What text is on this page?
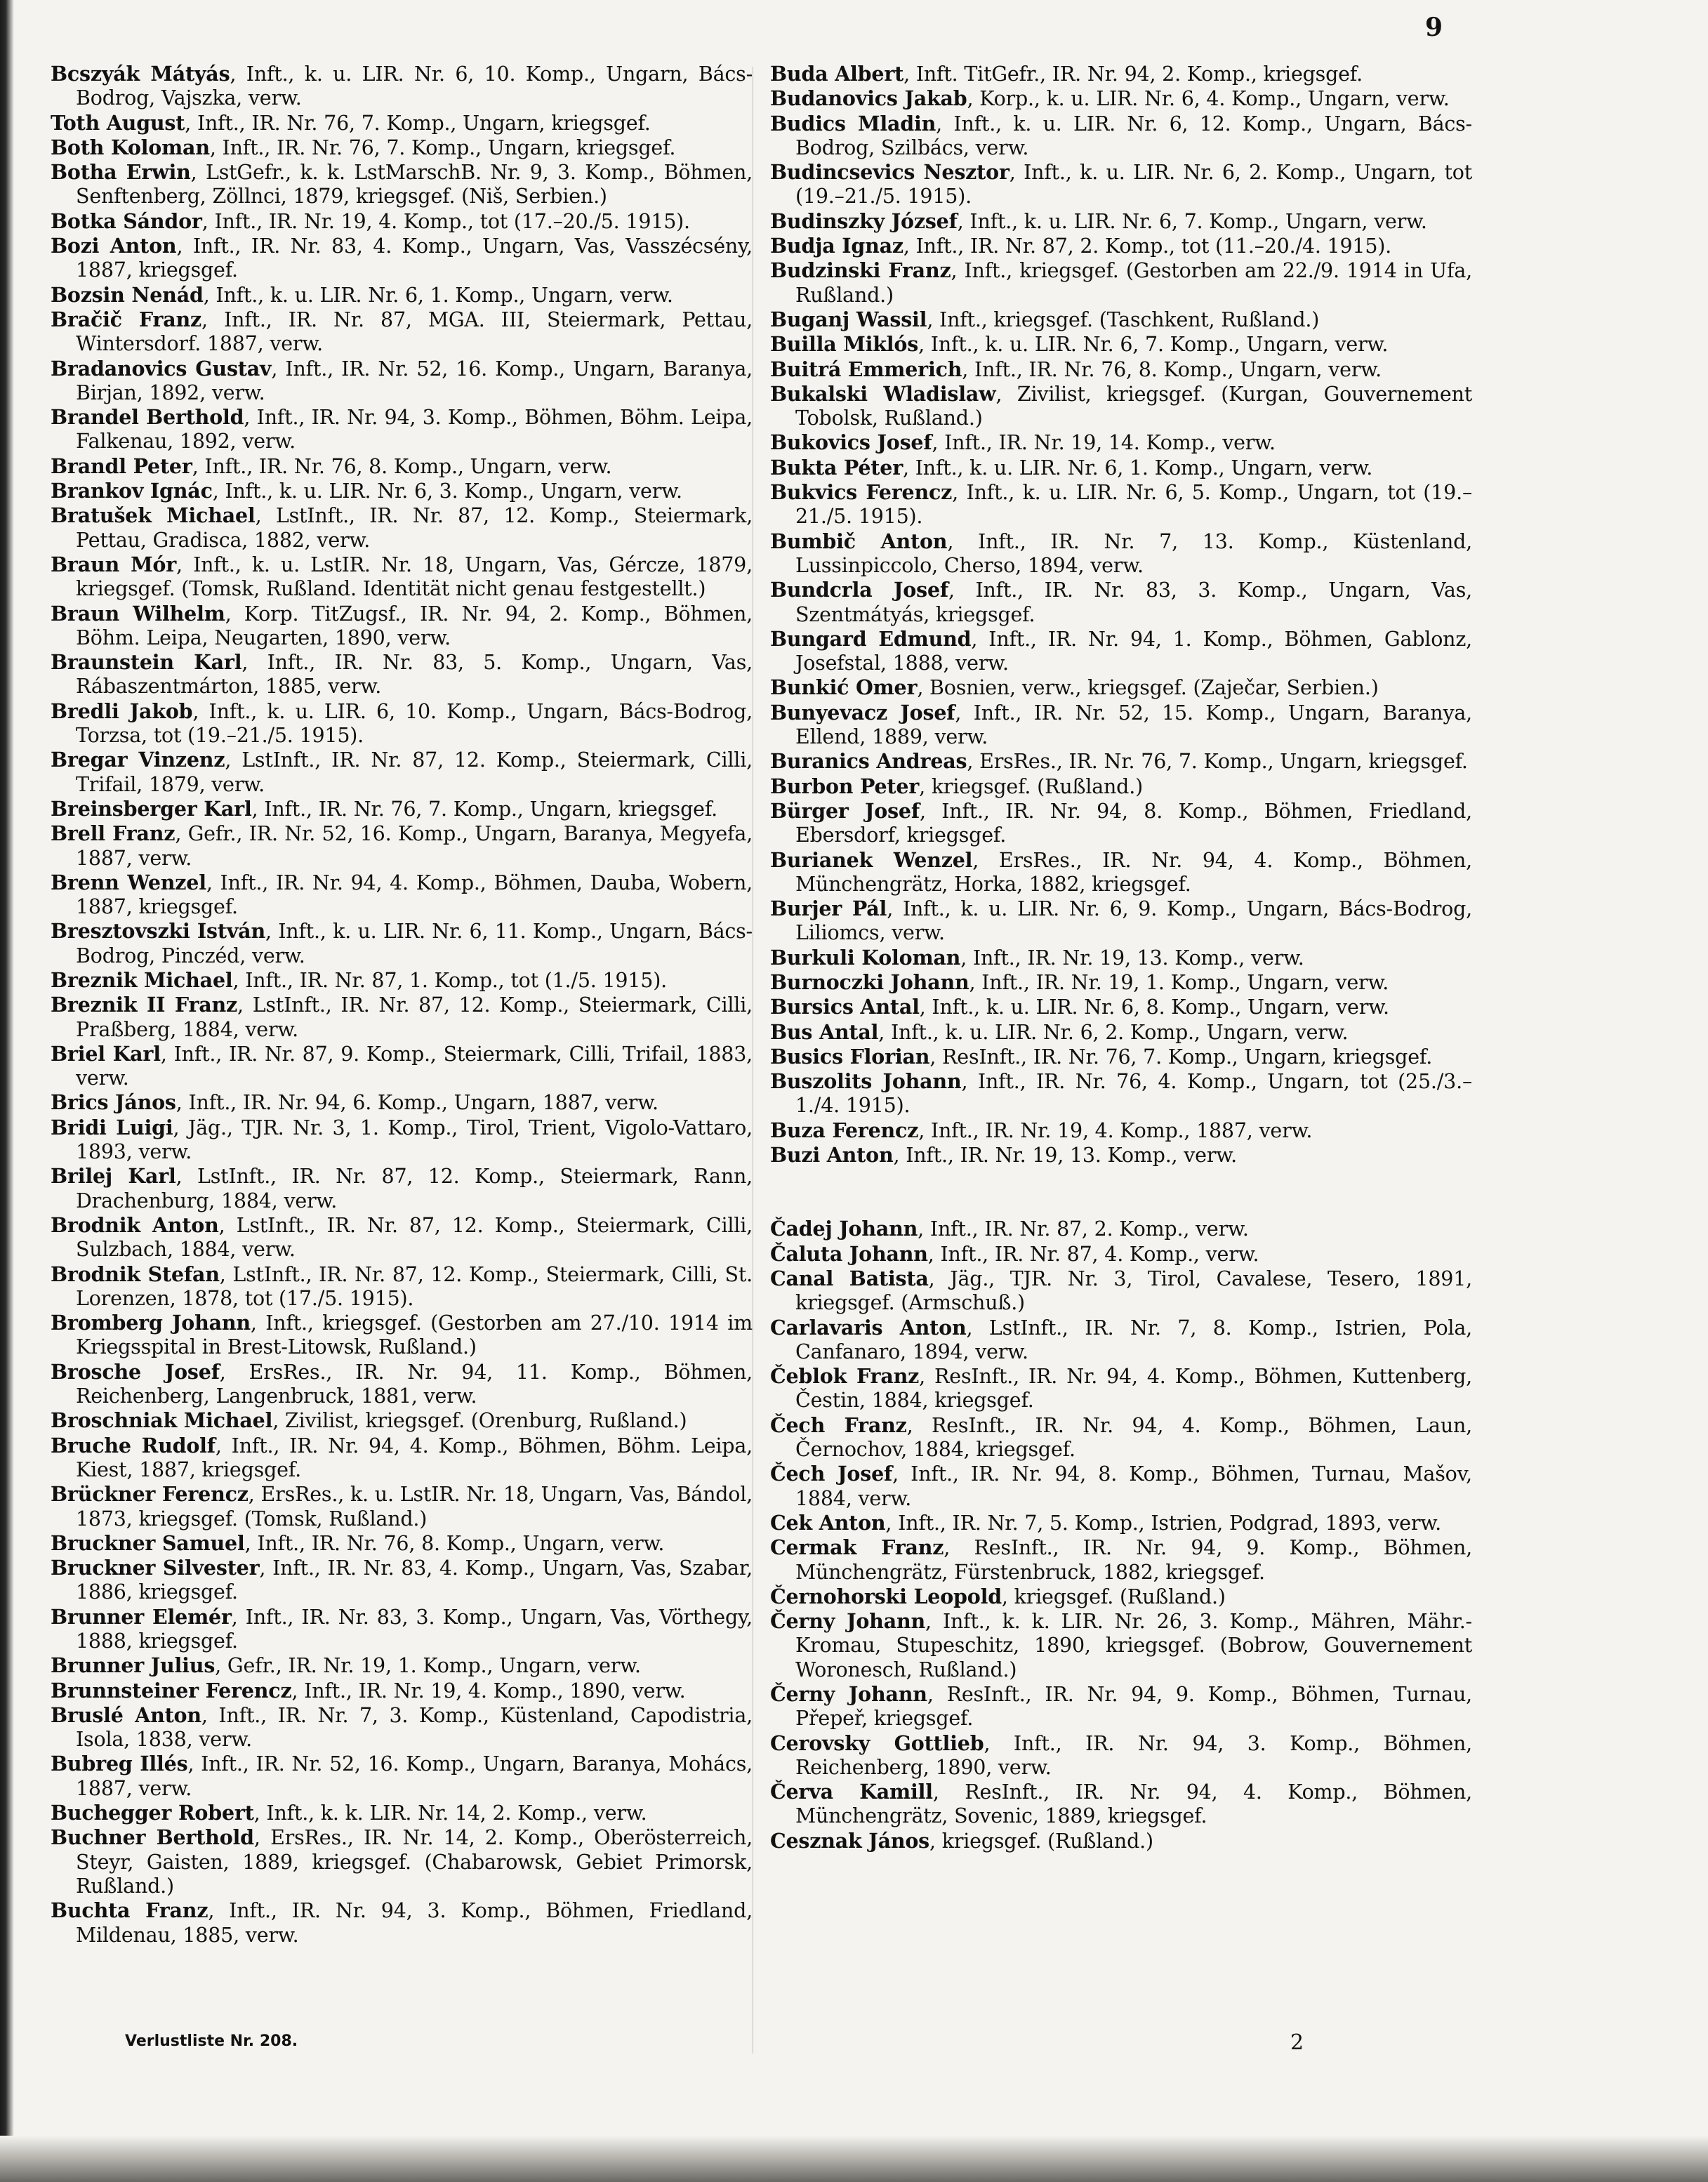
9
Bcszyák Mátyás, Inft., k. u. LIR. Nr. 6, 10. Komp., Ungarn, Bács-Bodrog, Vajszka, verw.
Toth August, Inft., IR. Nr. 76, 7. Komp., Ungarn, kriegsgef.
Both Koloman, Inft., IR. Nr. 76, 7. Komp., Ungarn, kriegsgef.
Botha Erwin, LstGefr., k. k. LstMarschB. Nr. 9, 3. Komp., Böhmen, Senftenberg, Zöllnci, 1879, kriegsgef. (Niš, Serbien.)
Botka Sándor, Inft., IR. Nr. 19, 4. Komp., tot (17.–20./5. 1915).
Bozi Anton, Inft., IR. Nr. 83, 4. Komp., Ungarn, Vas, Vasszécsény, 1887, kriegsgef.
Bozsin Nenád, Inft., k. u. LIR. Nr. 6, 1. Komp., Ungarn, verw.
Bračič Franz, Inft., IR. Nr. 87, MGA. III, Steiermark, Pettau, Wintersdorf. 1887, verw.
Bradanovics Gustav, Inft., IR. Nr. 52, 16. Komp., Ungarn, Baranya, Birjan, 1892, verw.
Brandel Berthold, Inft., IR. Nr. 94, 3. Komp., Böhmen, Böhm. Leipa, Falkenau, 1892, verw.
Brandl Peter, Inft., IR. Nr. 76, 8. Komp., Ungarn, verw.
Brankov Ignác, Inft., k. u. LIR. Nr. 6, 3. Komp., Ungarn, verw.
Bratušek Michael, LstInft., IR. Nr. 87, 12. Komp., Steiermark, Pettau, Gradisca, 1882, verw.
Braun Mór, Inft., k. u. LstIR. Nr. 18, Ungarn, Vas, Gércze, 1879, kriegsgef. (Tomsk, Rußland. Identität nicht genau festgestellt.)
Braun Wilhelm, Korp. TitZugsf., IR. Nr. 94, 2. Komp., Böhmen, Böhm. Leipa, Neugarten, 1890, verw.
Braunstein Karl, Inft., IR. Nr. 83, 5. Komp., Ungarn, Vas, Rábaszentmárton, 1885, verw.
Bredli Jakob, Inft., k. u. LIR. 6, 10. Komp., Ungarn, Bács-Bodrog, Torzsa, tot (19.–21./5. 1915).
Bregar Vinzenz, LstInft., IR. Nr. 87, 12. Komp., Steiermark, Cilli, Trifail, 1879, verw.
Breinsberger Karl, Inft., IR. Nr. 76, 7. Komp., Ungarn, kriegsgef.
Brell Franz, Gefr., IR. Nr. 52, 16. Komp., Ungarn, Baranya, Megyefa, 1887, verw.
Brenn Wenzel, Inft., IR. Nr. 94, 4. Komp., Böhmen, Dauba, Wobern, 1887, kriegsgef.
Bresztovszki István, Inft., k. u. LIR. Nr. 6, 11. Komp., Ungarn, Bács-Bodrog, Pinczéd, verw.
Breznik Michael, Inft., IR. Nr. 87, 1. Komp., tot (1./5. 1915).
Breznik II Franz, LstInft., IR. Nr. 87, 12. Komp., Steiermark, Cilli, Praßberg, 1884, verw.
Briel Karl, Inft., IR. Nr. 87, 9. Komp., Steiermark, Cilli, Trifail, 1883, verw.
Brics János, Inft., IR. Nr. 94, 6. Komp., Ungarn, 1887, verw.
Bridi Luigi, Jäg., TJR. Nr. 3, 1. Komp., Tirol, Trient, Vigolo-Vattaro, 1893, verw.
Brilej Karl, LstInft., IR. Nr. 87, 12. Komp., Steiermark, Rann, Drachenburg, 1884, verw.
Brodnik Anton, LstInft., IR. Nr. 87, 12. Komp., Steiermark, Cilli, Sulzbach, 1884, verw.
Brodnik Stefan, LstInft., IR. Nr. 87, 12. Komp., Steiermark, Cilli, St. Lorenzen, 1878, tot (17./5. 1915).
Bromberg Johann, Inft., kriegsgef. (Gestorben am 27./10. 1914 im Kriegsspital in Brest-Litowsk, Rußland.)
Brosche Josef, ErsRes., IR. Nr. 94, 11. Komp., Böhmen, Reichenberg, Langenbruck, 1881, verw.
Broschniak Michael, Zivilist, kriegsgef. (Orenburg, Rußland.)
Bruche Rudolf, Inft., IR. Nr. 94, 4. Komp., Böhmen, Böhm. Leipa, Kiest, 1887, kriegsgef.
Brückner Ferencz, ErsRes., k. u. LstIR. Nr. 18, Ungarn, Vas, Bándol, 1873, kriegsgef. (Tomsk, Rußland.)
Bruckner Samuel, Inft., IR. Nr. 76, 8. Komp., Ungarn, verw.
Bruckner Silvester, Inft., IR. Nr. 83, 4. Komp., Ungarn, Vas, Szabar, 1886, kriegsgef.
Brunner Elemér, Inft., IR. Nr. 83, 3. Komp., Ungarn, Vas, Vörthegy, 1888, kriegsgef.
Brunner Julius, Gefr., IR. Nr. 19, 1. Komp., Ungarn, verw.
Brunnsteiner Ferencz, Inft., IR. Nr. 19, 4. Komp., 1890, verw.
Bruslé Anton, Inft., IR. Nr. 7, 3. Komp., Küstenland, Capodistria, Isola, 1838, verw.
Bubreg Illés, Inft., IR. Nr. 52, 16. Komp., Ungarn, Baranya, Mohács, 1887, verw.
Buchegger Robert, Inft., k. k. LIR. Nr. 14, 2. Komp., verw.
Buchner Berthold, ErsRes., IR. Nr. 14, 2. Komp., Oberösterreich, Steyr, Gaisten, 1889, kriegsgef. (Chabarowsk, Gebiet Primorsk, Rußland.)
Buchta Franz, Inft., IR. Nr. 94, 3. Komp., Böhmen, Friedland, Mildenau, 1885, verw.
Buda Albert, Inft. TitGefr., IR. Nr. 94, 2. Komp., kriegsgef.
Budanovics Jakab, Korp., k. u. LIR. Nr. 6, 4. Komp., Ungarn, verw.
Budics Mladin, Inft., k. u. LIR. Nr. 6, 12. Komp., Ungarn, Bács-Bodrog, Szilbács, verw.
Budincsevics Nesztor, Inft., k. u. LIR. Nr. 6, 2. Komp., Ungarn, tot (19.–21./5. 1915).
Budinszky József, Inft., k. u. LIR. Nr. 6, 7. Komp., Ungarn, verw.
Budja Ignaz, Inft., IR. Nr. 87, 2. Komp., tot (11.–20./4. 1915).
Budzinski Franz, Inft., kriegsgef. (Gestorben am 22./9. 1914 in Ufa, Rußland.)
Buganj Wassil, Inft., kriegsgef. (Taschkent, Rußland.)
Builla Miklós, Inft., k. u. LIR. Nr. 6, 7. Komp., Ungarn, verw.
Buitrá Emmerich, Inft., IR. Nr. 76, 8. Komp., Ungarn, verw.
Bukalski Wladislaw, Zivilist, kriegsgef. (Kurgan, Gouvernement Tobolsk, Rußland.)
Bukovics Josef, Inft., IR. Nr. 19, 14. Komp., verw.
Bukta Péter, Inft., k. u. LIR. Nr. 6, 1. Komp., Ungarn, verw.
Bukvics Ferencz, Inft., k. u. LIR. Nr. 6, 5. Komp., Ungarn, tot (19.–21./5. 1915).
Bumbič Anton, Inft., IR. Nr. 7, 13. Komp., Küstenland, Lussinpiccolo, Cherso, 1894, verw.
Bundcrla Josef, Inft., IR. Nr. 83, 3. Komp., Ungarn, Vas, Szentmátyás, kriegsgef.
Bungard Edmund, Inft., IR. Nr. 94, 1. Komp., Böhmen, Gablonz, Josefstal, 1888, verw.
Bunkić Omer, Bosnien, verw., kriegsgef. (Zaječar, Serbien.)
Bunyevacz Josef, Inft., IR. Nr. 52, 15. Komp., Ungarn, Baranya, Ellend, 1889, verw.
Buranics Andreas, ErsRes., IR. Nr. 76, 7. Komp., Ungarn, kriegsgef.
Burbon Peter, kriegsgef. (Rußland.)
Bürger Josef, Inft., IR. Nr. 94, 8. Komp., Böhmen, Friedland, Ebersdorf, kriegsgef.
Burianek Wenzel, ErsRes., IR. Nr. 94, 4. Komp., Böhmen, Münchengrätz, Horka, 1882, kriegsgef.
Burjer Pál, Inft., k. u. LIR. Nr. 6, 9. Komp., Ungarn, Bács-Bodrog, Liliomcs, verw.
Burkuli Koloman, Inft., IR. Nr. 19, 13. Komp., verw.
Burnoczki Johann, Inft., IR. Nr. 19, 1. Komp., Ungarn, verw.
Bursics Antal, Inft., k. u. LIR. Nr. 6, 8. Komp., Ungarn, verw.
Bus Antal, Inft., k. u. LIR. Nr. 6, 2. Komp., Ungarn, verw.
Busics Florian, ResInft., IR. Nr. 76, 7. Komp., Ungarn, kriegsgef.
Buszolits Johann, Inft., IR. Nr. 76, 4. Komp., Ungarn, tot (25./3.–1./4. 1915).
Buza Ferencz, Inft., IR. Nr. 19, 4. Komp., 1887, verw.
Buzi Anton, Inft., IR. Nr. 19, 13. Komp., verw.
Čadej Johann, Inft., IR. Nr. 87, 2. Komp., verw.
Čaluta Johann, Inft., IR. Nr. 87, 4. Komp., verw.
Canal Batista, Jäg., TJR. Nr. 3, Tirol, Cavalese, Tesero, 1891, kriegsgef. (Armschuß.)
Carlavaris Anton, LstInft., IR. Nr. 7, 8. Komp., Istrien, Pola, Canfanaro, 1894, verw.
Čeblok Franz, ResInft., IR. Nr. 94, 4. Komp., Böhmen, Kuttenberg, Čestin, 1884, kriegsgef.
Čech Franz, ResInft., IR. Nr. 94, 4. Komp., Böhmen, Laun, Černochov, 1884, kriegsgef.
Čech Josef, Inft., IR. Nr. 94, 8. Komp., Böhmen, Turnau, Mašov, 1884, verw.
Cek Anton, Inft., IR. Nr. 7, 5. Komp., Istrien, Podgrad, 1893, verw.
Cermak Franz, ResInft., IR. Nr. 94, 9. Komp., Böhmen, Münchengrätz, Fürstenbruck, 1882, kriegsgef.
Černohorski Leopold, kriegsgef. (Rußland.)
Černy Johann, Inft., k. k. LIR. Nr. 26, 3. Komp., Mähren, Mähr.-Kromau, Stupeschitz, 1890, kriegsgef. (Bobrow, Gouvernement Woronesch, Rußland.)
Černy Johann, ResInft., IR. Nr. 94, 9. Komp., Böhmen, Turnau, Přepeř, kriegsgef.
Cerovsky Gottlieb, Inft., IR. Nr. 94, 3. Komp., Böhmen, Reichenberg, 1890, verw.
Červa Kamill, ResInft., IR. Nr. 94, 4. Komp., Böhmen, Münchengrätz, Sovenic, 1889, kriegsgef.
Cesznak János, kriegsgef. (Rußland.)
Verlustliste Nr. 208.	2
